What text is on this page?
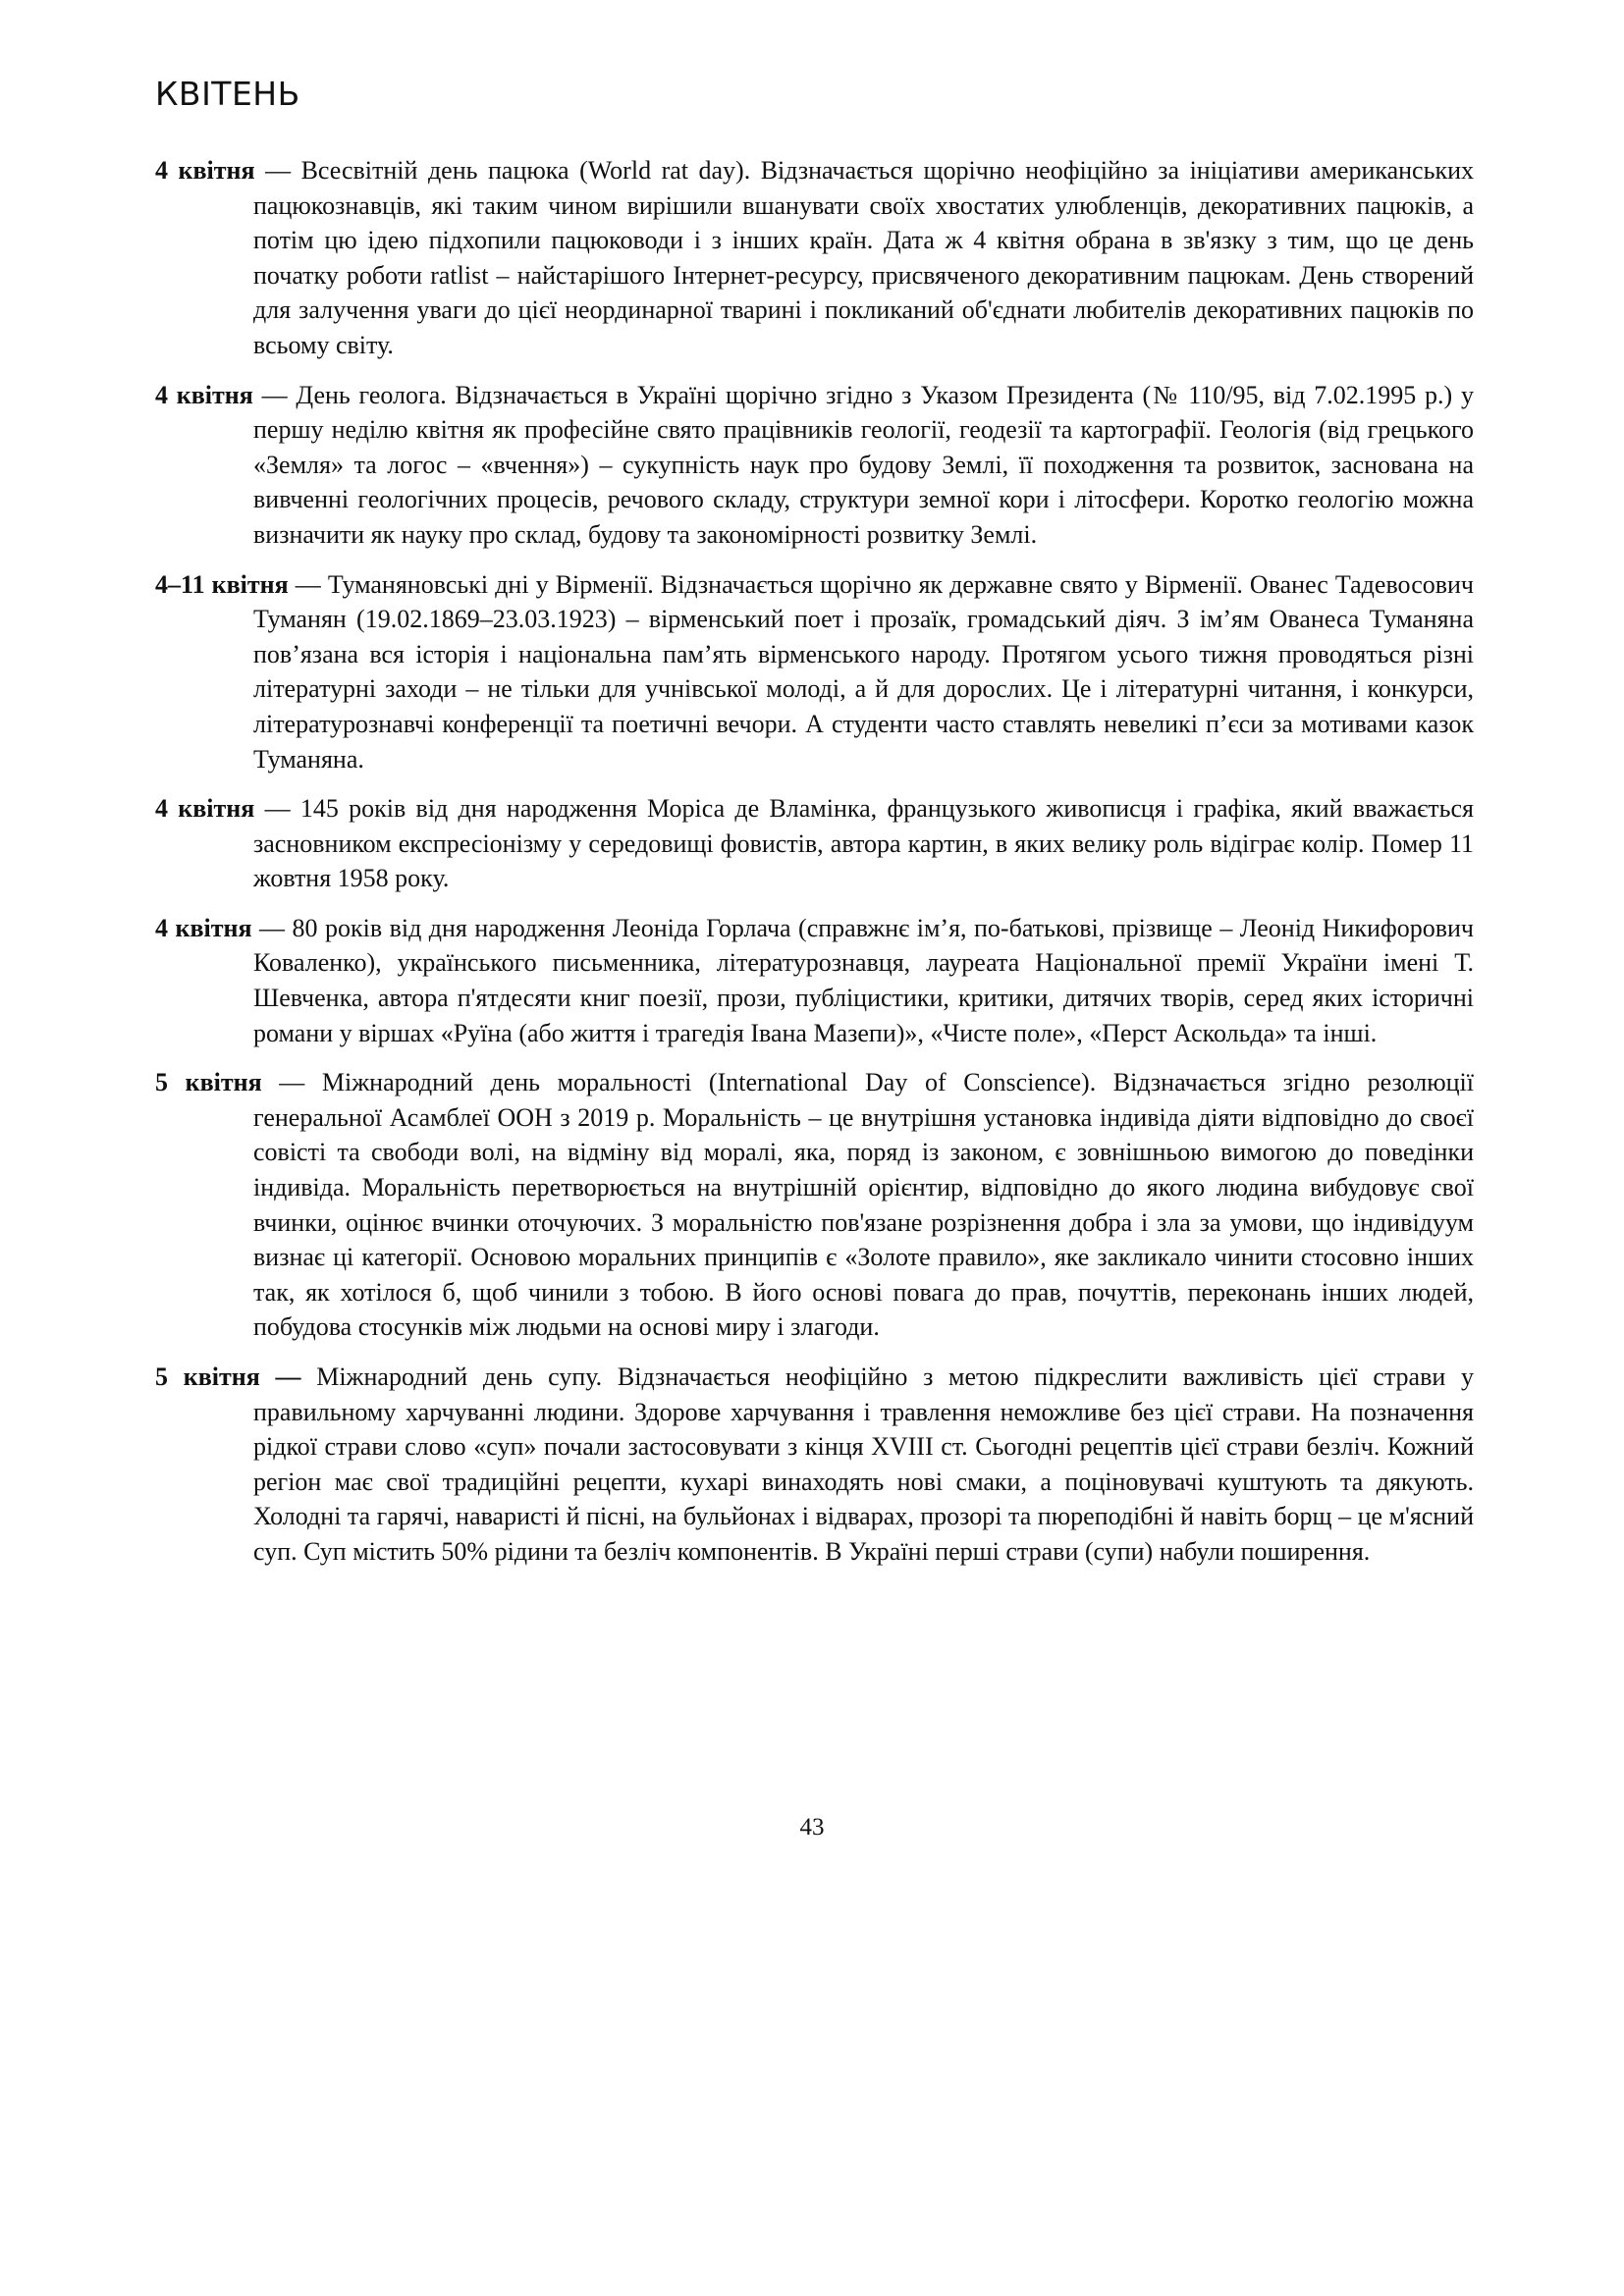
КВІТЕНЬ

4 квітня — Всесвітній день пацюка (World rat day). Відзначається щорічно неофіційно за ініціативи американських пацюкознавців, які таким чином вирішили вшанувати своїх хвостатих улюбленців, декоративних пацюків, а потім цю ідею підхопили пацюководи і з інших країн. Дата ж 4 квітня обрана в зв'язку з тим, що це день початку роботи ratlist – найстарішого Інтернет-ресурсу, присвяченого декоративним пацюкам. День створений для залучення уваги до цієї неординарної тварині і покликаний об'єднати любителів декоративних пацюків по всьому світу.

4 квітня — День геолога. Відзначається в Україні щорічно згідно з Указом Президента (№ 110/95, від 7.02.1995 р.) у першу неділю квітня як професійне свято працівників геології, геодезії та картографії. Геологія (від грецького «Земля» та логос – «вчення») – сукупність наук про будову Землі, її походження та розвиток, заснована на вивченні геологічних процесів, речового складу, структури земної кори і літосфери. Коротко геологію можна визначити як науку про склад, будову та закономірності розвитку Землі.

4–11 квітня — Туманяновські дні у Вірменії. Відзначається щорічно як державне свято у Вірменії. Ованес Тадевосович Туманян (19.02.1869–23.03.1923) – вірменський поет і прозаїк, громадський діяч. З ім’ям Ованеса Туманяна пов’язана вся історія і національна пам’ять вірменського народу. Протягом усього тижня проводяться різні літературні заходи – не тільки для учнівської молоді, а й для дорослих. Це і літературні читання, і конкурси, літературознавчі конференції та поетичні вечори. А студенти часто ставлять невеликі п’єси за мотивами казок Туманяна.

4 квітня — 145 років від дня народження Моріса де Вламінка, французького живописця і графіка, який вважається засновником експресіонізму у середовищі фовистів, автора картин, в яких велику роль відіграє колір. Помер 11 жовтня 1958 року.

4 квітня — 80 років від дня народження Леоніда Горлача (справжнє ім’я, по-батькові, прізвище – Леонід Никифорович Коваленко), українського письменника, літературознавця, лауреата Національної премії України імені Т. Шевченка, автора п'ятдесяти книг поезії, прози, публіцистики, критики, дитячих творів, серед яких історичні романи у віршах «Руїна (або життя і трагедія Івана Мазепи)», «Чисте поле», «Перст Аскольда» та інші.

5 квітня — Міжнародний день моральності (International Day of Conscience). Відзначається згідно резолюції генеральної Асамблеї ООН з 2019 р. Моральність – це внутрішня установка індивіда діяти відповідно до своєї совісті та свободи волі, на відміну від моралі, яка, поряд із законом, є зовнішньою вимогою до поведінки індивіда. Моральність перетворюється на внутрішній орієнтир, відповідно до якого людина вибудовує свої вчинки, оцінює вчинки оточуючих. З моральністю пов'язане розрізнення добра і зла за умови, що індивідуум визнає ці категорії. Основою моральних принципів є «Золоте правило», яке закликало чинити стосовно інших так, як хотілося б, щоб чинили з тобою. В його основі повага до прав, почуттів, переконань інших людей, побудова стосунків між людьми на основі миру і злагоди.

5 квітня — Міжнародний день супу. Відзначається неофіційно з метою підкреслити важливість цієї страви у правильному харчуванні людини. Здорове харчування і травлення неможливе без цієї страви. На позначення рідкої страви слово «суп» почали застосовувати з кінця XVIII ст. Сьогодні рецептів цієї страви безліч. Кожний регіон має свої традиційні рецепти, кухарі винаходять нові смаки, а поціновувачі куштують та дякують. Холодні та гарячі, наваристі й пісні, на бульйонах і відварах, прозорі та пюреподібні й навіть борщ – це м'ясний суп. Суп містить 50% рідини та безліч компонентів. В Україні перші страви (супи) набули поширення.

43
